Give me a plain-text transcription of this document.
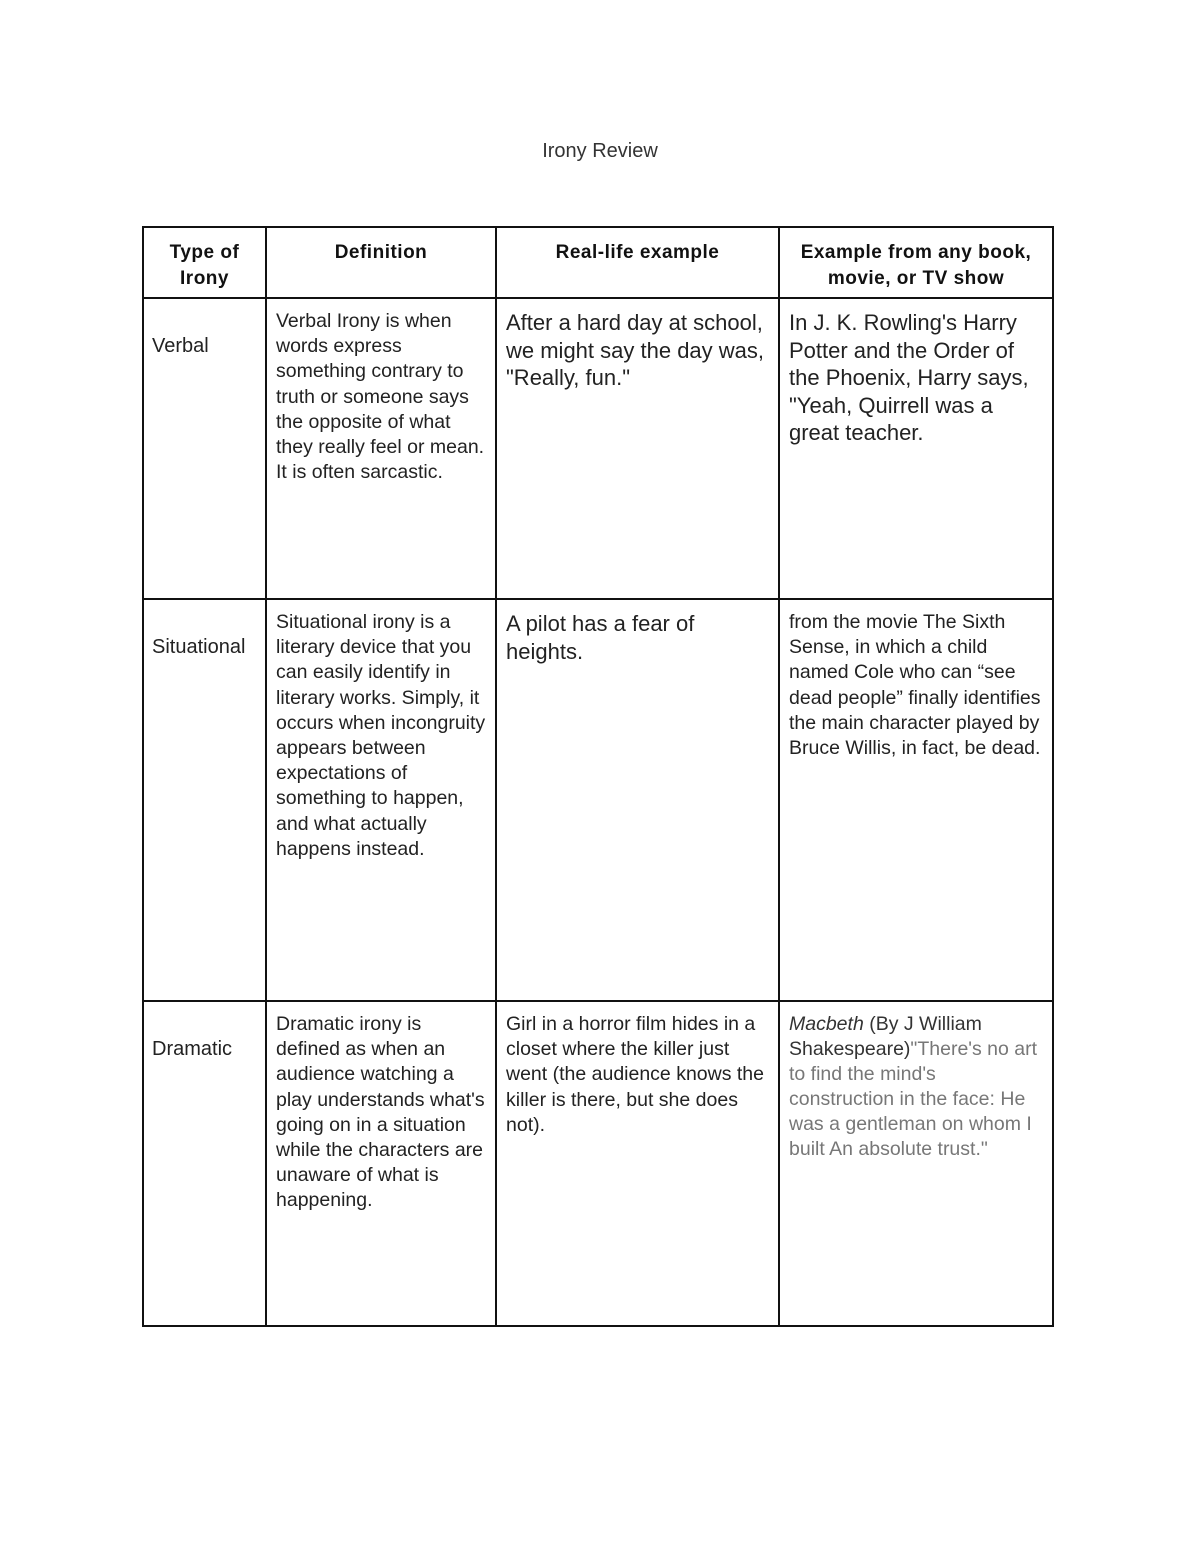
Irony Review
Type of Irony	Definition	Real-life example	Example from any book, movie, or TV show

Verbal	Verbal Irony is when words express something contrary to truth or someone says the opposite of what they really feel or mean. It is often sarcastic.	After a hard day at school, we might say the day was, "Really, fun."	In J. K. Rowling's Harry Potter and the Order of the Phoenix, Harry says, "Yeah, Quirrell was a great teacher.

Situational	Situational irony is a literary device that you can easily identify in literary works. Simply, it occurs when incongruity appears between expectations of something to happen, and what actually happens instead.	A pilot has a fear of heights.	from the movie The Sixth Sense, in which a child named Cole who can “see dead people” finally identifies the main character played by Bruce Willis, in fact, be dead.

Dramatic	Dramatic irony is defined as when an audience watching a play understands what's going on in a situation while the characters are unaware of what is happening.	Girl in a horror film hides in a closet where the killer just went (the audience knows the killer is there, but she does not).	Macbeth (By J William Shakespeare)"There's no art to find the mind's construction in the face: He was a gentleman on whom I built An absolute trust."
